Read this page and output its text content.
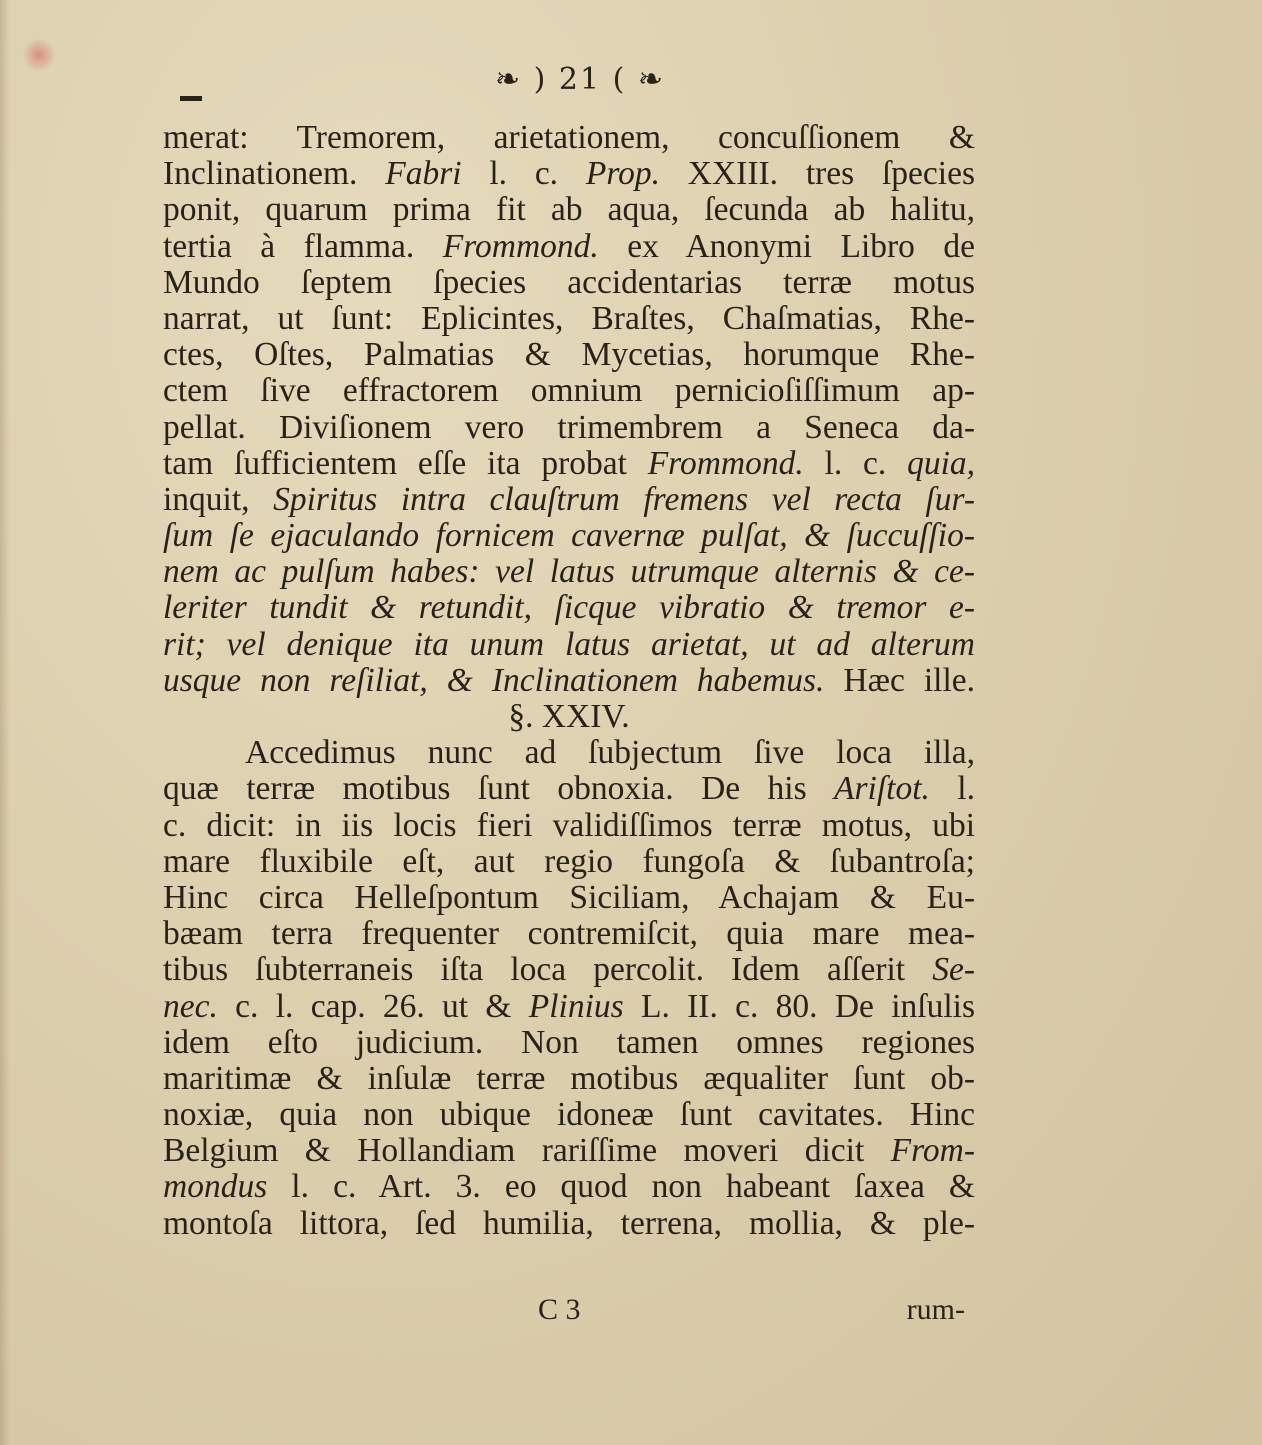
❧ ) 21 ( ❧
merat: Tremorem, arietationem, concuſſionem &
Inclinationem. Fabri l. c. Prop. XXIII. tres ſpecies
ponit, quarum prima fit ab aqua, ſecunda ab halitu,
tertia à flamma. Frommond. ex Anonymi Libro de
Mundo ſeptem ſpecies accidentarias terræ motus
narrat, ut ſunt: Eplicintes, Braſtes, Chaſmatias, Rhe-
ctes, Oſtes, Palmatias & Mycetias, horumque Rhe-
ctem ſive effractorem omnium pernicioſiſſimum ap-
pellat. Diviſionem vero trimembrem a Seneca da-
tam ſufficientem eſſe ita probat Frommond. l. c. quia,
inquit, Spiritus intra clauſtrum fremens vel recta ſur-
ſum ſe ejaculando fornicem cavernæ pulſat, & ſuccuſſio-
nem ac pulſum habes: vel latus utrumque alternis & ce-
leriter tundit & retundit, ſicque vibratio & tremor e-
rit; vel denique ita unum latus arietat, ut ad alterum
usque non reſiliat, & Inclinationem habemus. Hæc ille.
§. XXIV.
Accedimus nunc ad ſubjectum ſive loca illa,
quæ terræ motibus ſunt obnoxia. De his Ariſtot. l.
c. dicit: in iis locis fieri validiſſimos terræ motus, ubi
mare fluxibile eſt, aut regio fungoſa & ſubantroſa;
Hinc circa Helleſpontum Siciliam, Achajam & Eu-
bæam terra frequenter contremiſcit, quia mare mea-
tibus ſubterraneis iſta loca percolit. Idem aſſerit Se-
nec. c. l. cap. 26. ut & Plinius L. II. c. 80. De inſulis
idem eſto judicium. Non tamen omnes regiones
maritimæ & inſulæ terræ motibus æqualiter ſunt ob-
noxiæ, quia non ubique idoneæ ſunt cavitates. Hinc
Belgium & Hollandiam rariſſime moveri dicit From-
mondus l. c. Art. 3. eo quod non habeant ſaxea &
montoſa littora, ſed humilia, terrena, mollia, & ple-
C 3	rum-
